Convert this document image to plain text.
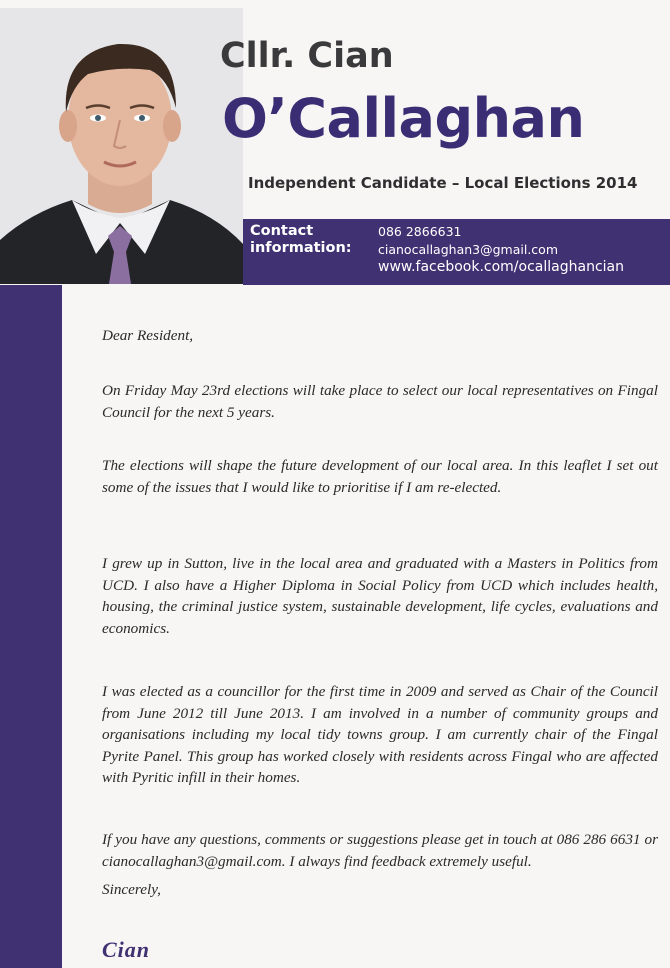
Cllr. Cian
O’Callaghan
Independent Candidate – Local Elections 2014
Contact
information:
086 2866631
cianocallaghan3@gmail.com
www.facebook.com/ocallaghancian
Dear Resident,

On Friday May 23rd elections will take place to select our local representatives on Fingal Council for the next 5 years.

The elections will shape the future development of our local area. In this leaflet I set out some of the issues that I would like to prioritise if I am re-elected.

I grew up in Sutton, live in the local area and graduated with a Masters in Politics from UCD. I also have a Higher Diploma in Social Policy from UCD which includes health, housing, the criminal justice system, sustainable development, life cycles, evaluations and economics.

I was elected as a councillor for the first time in 2009 and served as Chair of the Council from June 2012 till June 2013. I am involved in a number of community groups and organisations including my local tidy towns group. I am currently chair of the Fingal Pyrite Panel. This group has worked closely with residents across Fingal who are affected with Pyritic infill in their homes.

If you have any questions, comments or suggestions please get in touch at 086 286 6631 or cianocallaghan3@gmail.com. I always find feedback extremely useful.

Sincerely,
Cian
